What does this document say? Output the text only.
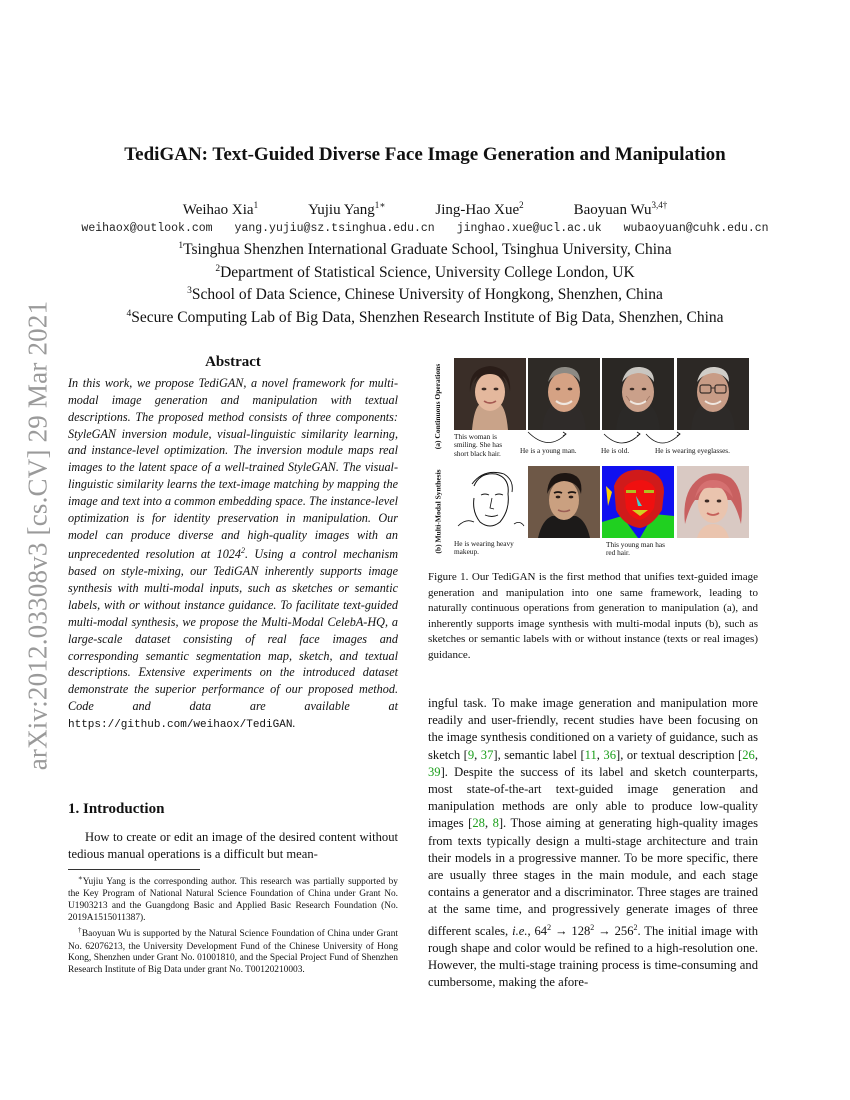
arXiv:2012.03308v3 [cs.CV] 29 Mar 2021
TediGAN: Text-Guided Diverse Face Image Generation and Manipulation
Weihao Xia$^1$	Yujiu Yang$^{1∗}$	Jing-Hao Xue$^2$	Baoyuan $Wu^{3,4\dagger}$
weihaox@outlook.com yang.yujiu@sz.tsinghua.edu.cn jinghao.xue@ucl.ac.uk wubaoyuan@cuhk.edu.cn
$^1$Tsinghua Shenzhen International Graduate School, Tsinghua University, China
$^2$Department of Statistical Science, University College London, UK
$^3$School of Data Science, Chinese University of Hongkong, Shenzhen, China
$^4$Secure Computing Lab of Big Data, Shenzhen Research Institute of Big Data, Shenzhen, China
Abstract
In this work, we propose TediGAN, a novel framework for multi-modal image generation and manipulation with textual descriptions. The proposed method consists of three components: StyleGAN inversion module, visual-linguistic similarity learning, and instance-level optimization. The inversion module maps real images to the latent space of a well-trained StyleGAN. The visual-linguistic similarity learns the text-image matching by mapping the image and text into a common embedding space. The instance-level optimization is for identity preservation in manipulation. Our model can produce diverse and high-quality images with an unprecedented resolution at 1024$^2$. Using a control mechanism based on style-mixing, our TediGAN inherently supports image synthesis with multi-modal inputs, such as sketches or semantic labels, with or without instance guidance. To facilitate text-guided multi-modal synthesis, we propose the Multi-Modal CelebA-HQ, a large-scale dataset consisting of real face images and corresponding semantic segmentation map, sketch, and textual descriptions. Extensive experiments on the introduced dataset demonstrate the superior performance of our proposed method. Code and data are available at https://github.com/weihaox/TediGAN.
1. Introduction
How to create or edit an image of the desired content without tedious manual operations is a difficult but mean-

∗Yujiu Yang is the corresponding author. This research was partially supported by the Key Program of National Natural Science Foundation of China under Grant No. U1903213 and the Guangdong Basic and Applied Basic Research Foundation (No. 2019A1515011387).

†Baoyuan Wu is supported by the Natural Science Foundation of China under Grant No. 62076213, the University Development Fund of the Chinese University of Hong Kong, Shenzhen under Grant No. 01001810, and the Special Project Fund of Shenzhen Research Institute of Big Data under grant No. T00120210003.

(a) Continuous Operations
(b) Multi-Modal Synthesis
This woman is smiling. She has short black hair.	He is a young man.	He is old.	He is wearing eyeglasses.
He is wearing heavy makeup.
This young man has red hair.
Figure 1. Our TediGAN is the first method that unifies text-guided image generation and manipulation into one same framework, leading to naturally continuous operations from generation to manipulation (a), and inherently supports image synthesis with multi-modal inputs (b), such as sketches or semantic labels with or without instance (texts or real images) guidance.
ingful task. To make image generation and manipulation more readily and user-friendly, recent studies have been focusing on the image synthesis conditioned on a variety of guidance, such as sketch [9, 37], semantic label [11, 36], or textual description [26, 39]. Despite the success of its label and sketch counterparts, most state-of-the-art text-guided image generation and manipulation methods are only able to produce low-quality images [28, 8]. Those aiming at generating high-quality images from texts typically design a multi-stage architecture and train their models in a progressive manner. To be more specific, there are usually three stages in the main module, and each stage contains a generator and a discriminator. Three stages are trained at the same time, and progressively generate images of three different scales, i.e., $64^2 \to 128^2 \to 256^2$. The initial image with rough shape and color would be refined to a high-resolution one. However, the multi-stage training process is time-consuming and cumbersome, making the afore-
